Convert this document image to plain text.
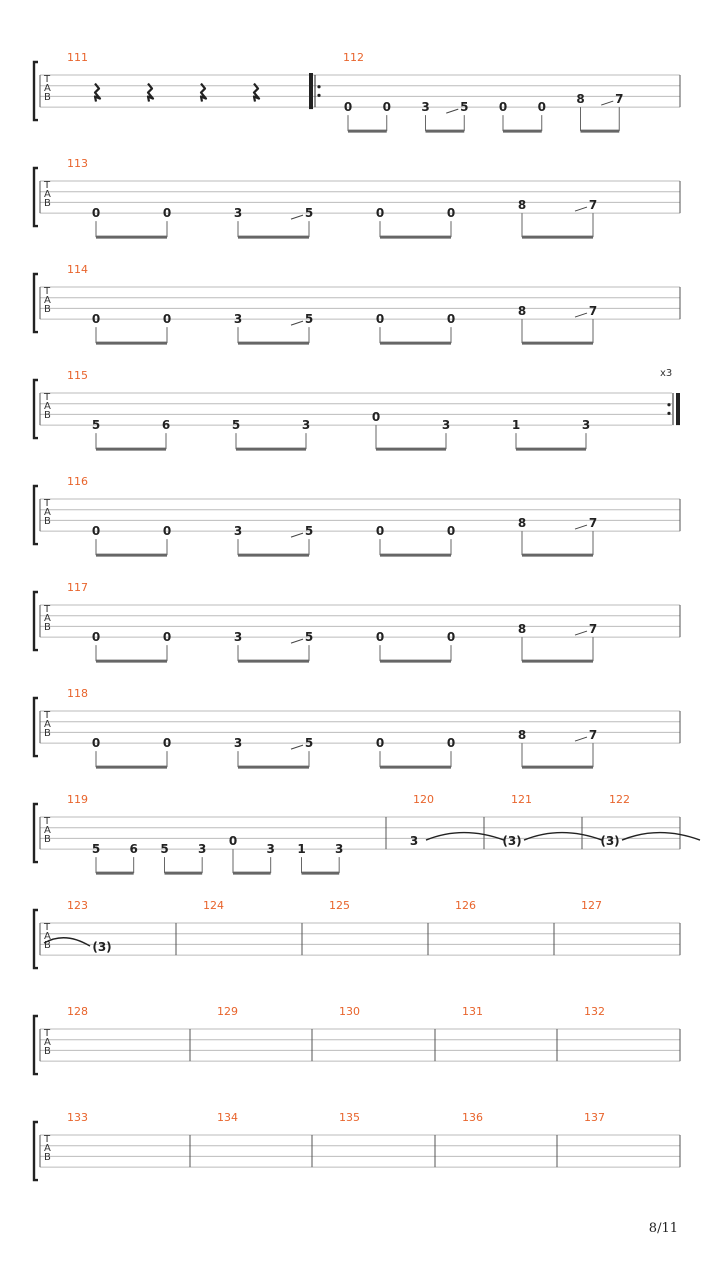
T
A
B
111	112
0	0	3	5	0	0
8	7
T
A
B
113
0	0	3	5	0	0
8	7
T
A
B
114
0	0	3	5	0	0
8	7
T
A
B
115	x3
5	6	5	3
0
3	1	3
T
A
B
116
0	0	3	5	0	0
8	7
T
A
B
117
0	0	3	5	0	0
8	7
T
A
B
118
0	0	3	5	0	0
8	7
T
A
B
119
5 6 5 3
0
3 1 3
120
3
121
(3)
122
(3)
T
A
B
123
(3)
124	125	126	127
T
A
B
128	129	130	131	132
T
A
B
133	134	135	136	137
8/11
